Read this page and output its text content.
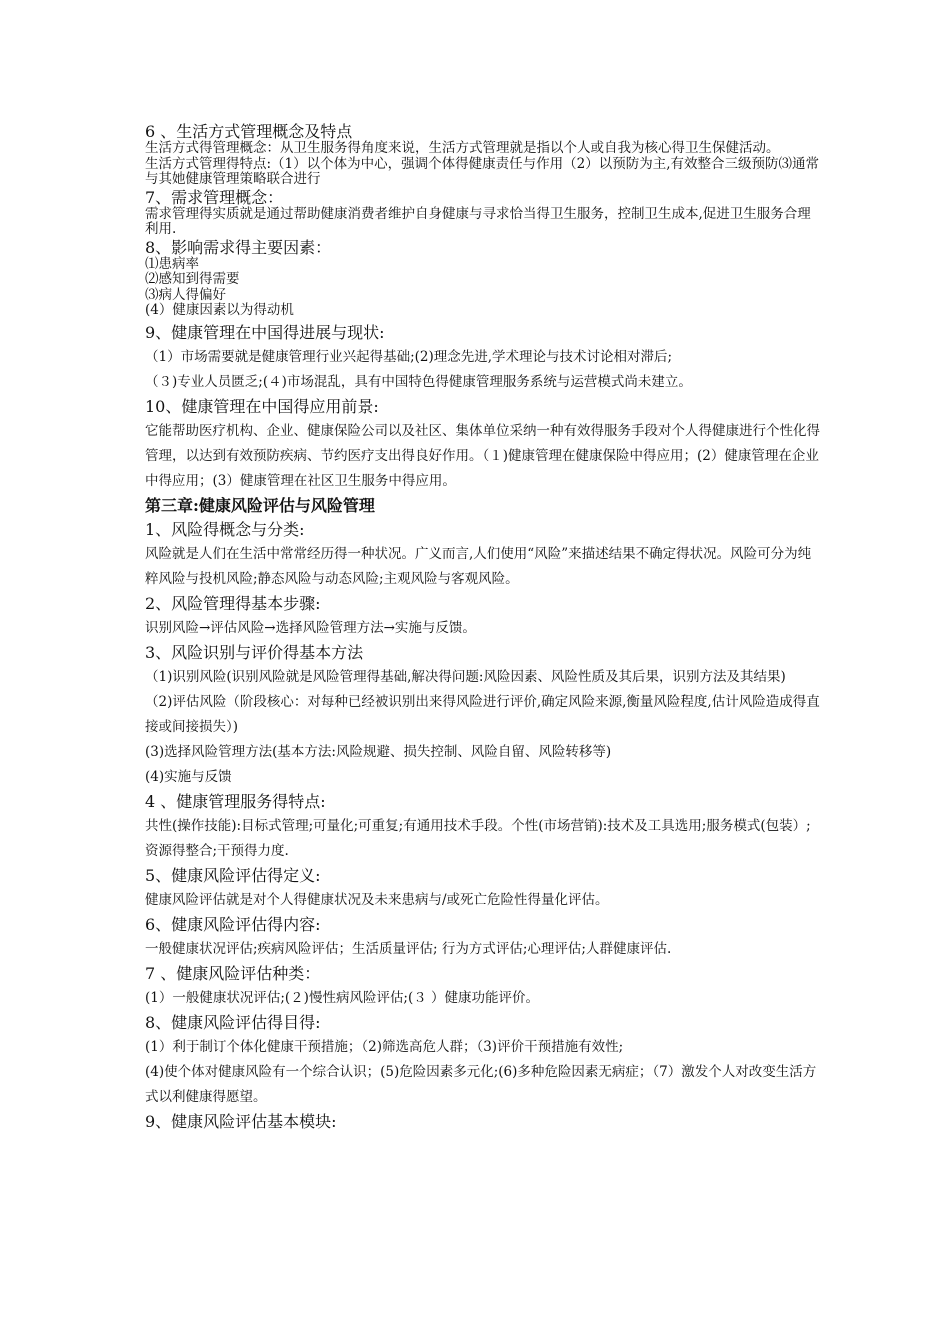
6 、生活方式管理概念及特点

生活方式得管理概念：从卫生服务得角度来说，生活方式管理就是指以个人或自我为核心得卫生保健活动。

生活方式管理得特点:（1）以个体为中心，强调个体得健康责任与作用（2）以预防为主,有效整合三级预防⑶通常与其她健康管理策略联合进行

7、需求管理概念：

需求管理得实质就是通过帮助健康消费者维护自身健康与寻求恰当得卫生服务，控制卫生成本,促进卫生服务合理利用.

8、影响需求得主要因素：

⑴患病率

⑵感知到得需要

⑶病人得偏好

(4）健康因素以为得动机

9、健康管理在中国得进展与现状:

（1）市场需要就是健康管理行业兴起得基础;(2)理念先进,学术理论与技术讨论相对滞后;

（３)专业人员匮乏;(４)市场混乱，具有中国特色得健康管理服务系统与运营模式尚未建立。

10、健康管理在中国得应用前景:

它能帮助医疗机构、企业、健康保险公司以及社区、集体单位采纳一种有效得服务手段对个人得健康进行个性化得管理，以达到有效预防疾病、节约医疗支出得良好作用。（１)健康管理在健康保险中得应用；(2）健康管理在企业中得应用；(3）健康管理在社区卫生服务中得应用。

第三章:健康风险评估与风险管理

1、风险得概念与分类:

风险就是人们在生活中常常经历得一种状况。广义而言,人们使用“风险”来描述结果不确定得状况。风险可分为纯粹风险与投机风险;静态风险与动态风险;主观风险与客观风险。

2、风险管理得基本步骤:

识别风险→评估风险→选择风险管理方法→实施与反馈。

3、风险识别与评价得基本方法

（1)识别风险(识别风险就是风险管理得基础,解决得问题:风险因素、风险性质及其后果，识别方法及其结果)

（2)评估风险（阶段核心：对每种已经被识别出来得风险进行评价,确定风险来源,衡量风险程度,估计风险造成得直接或间接损失）)

(3)选择风险管理方法(基本方法:风险规避、损失控制、风险自留、风险转移等)

(4)实施与反馈

4 、健康管理服务得特点:

共性(操作技能):目标式管理;可量化;可重复;有通用技术手段。个性(市场营销):技术及工具选用;服务模式(包装）;资源得整合;干预得力度.

5、健康风险评估得定义:

健康风险评估就是对个人得健康状况及未来患病与/或死亡危险性得量化评估。

6、健康风险评估得内容:

一般健康状况评估;疾病风险评估；生活质量评估; 行为方式评估;心理评估;人群健康评估.

7 、健康风险评估种类：

(1）一般健康状况评估;(２)慢性病风险评估;(３ ）健康功能评价。

8、健康风险评估得目得:

(1）利于制订个体化健康干预措施；（2)筛选高危人群；（3)评价干预措施有效性;

(4)使个体对健康风险有一个综合认识；(5)危险因素多元化;(6)多种危险因素无病症；（7）激发个人对改变生活方式以利健康得愿望。

9、健康风险评估基本模块:
